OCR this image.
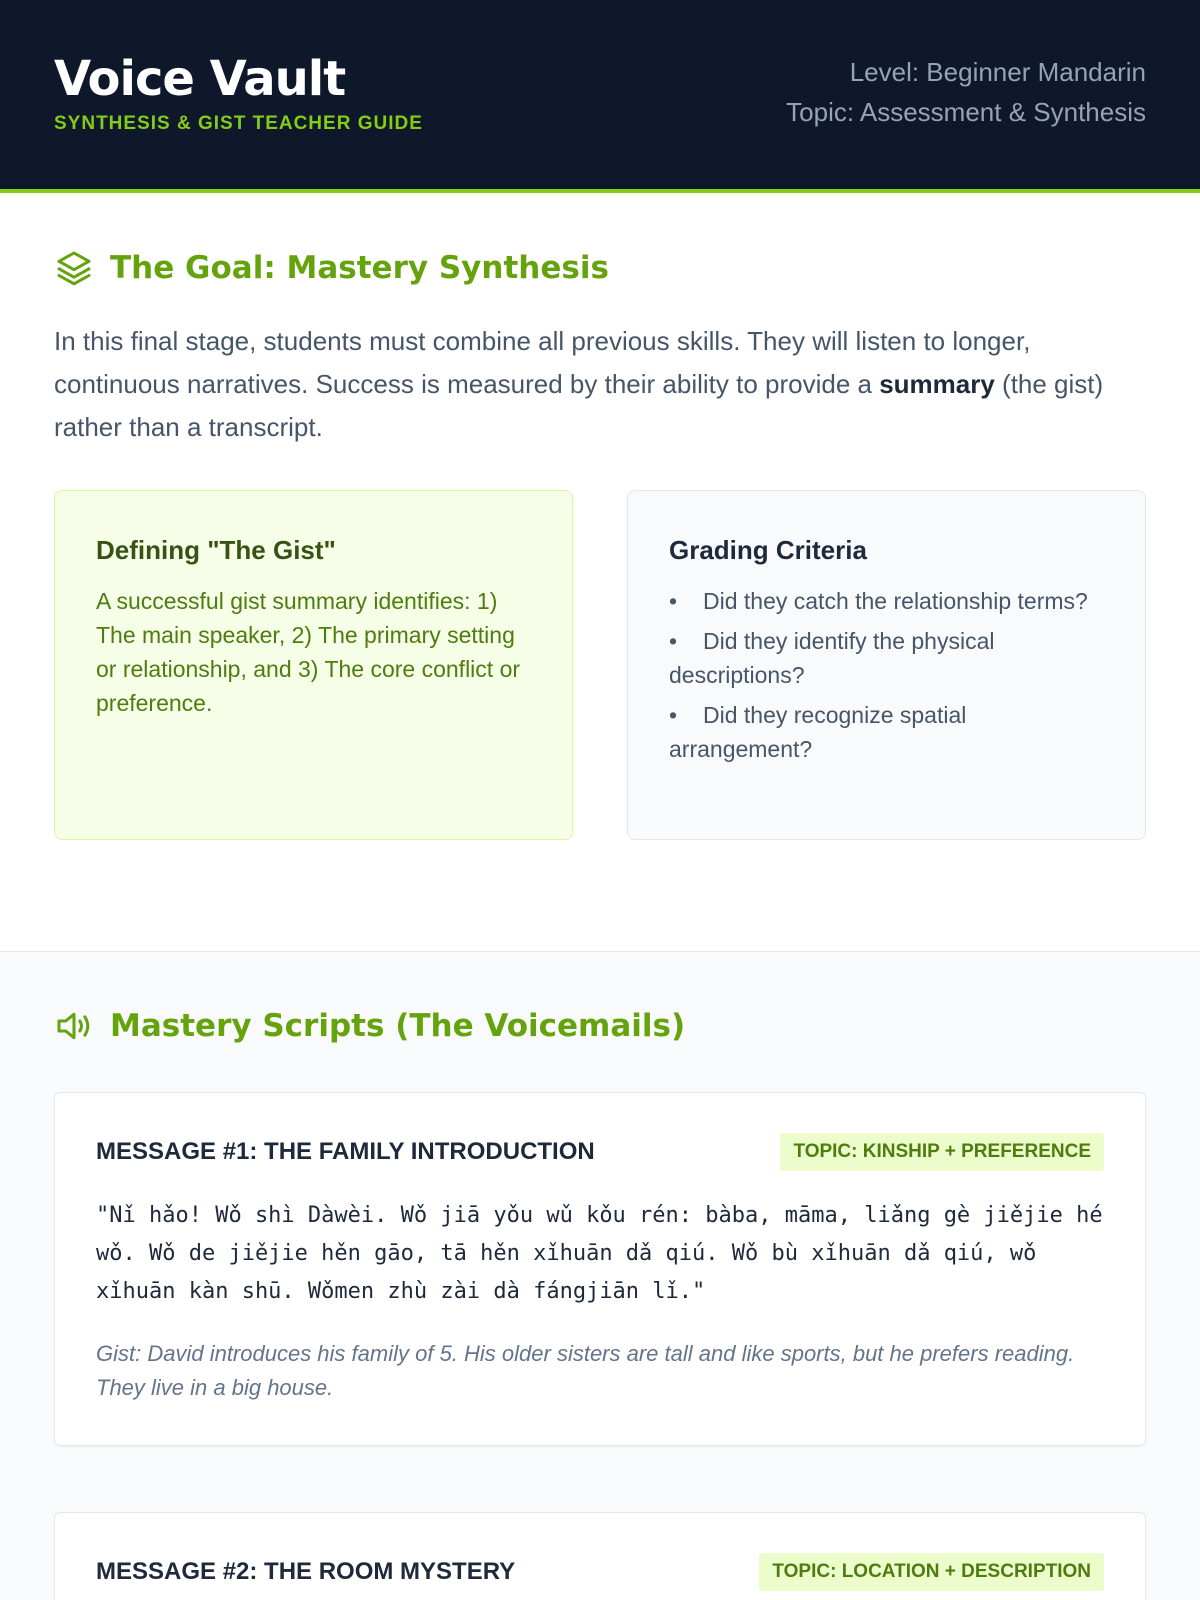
Voice Vault
SYNTHESIS & GIST TEACHER GUIDE
Level: Beginner Mandarin
Topic: Assessment & Synthesis
The Goal: Mastery Synthesis

In this final stage, students must combine all previous skills. They will listen to longer, continuous narratives. Success is measured by their ability to provide a summary (the gist) rather than a transcript.

Defining "The Gist"

A successful gist summary identifies: 1) The main speaker, 2) The primary setting or relationship, and 3) The core conflict or preference.

Grading Criteria
• Did they catch the relationship terms?
• Did they identify the physical descriptions?
• Did they recognize spatial arrangement?
Mastery Scripts (The Voicemails)
MESSAGE #1: THE FAMILY INTRODUCTION	TOPIC: KINSHIP + PREFERENCE

"Nǐ hǎo! Wǒ shì Dàwèi. Wǒ jiā yǒu wǔ kǒu rén: bàba, māma, liǎng gè jiějie hé wǒ. Wǒ de jiějie hěn gāo, tā hěn xǐhuān dǎ qiú. Wǒ bù xǐhuān dǎ qiú, wǒ xǐhuān kàn shū. Wǒmen zhù zài dà fángjiān lǐ."

Gist: David introduces his family of 5. His older sisters are tall and like sports, but he prefers reading. They live in a big house.

MESSAGE #2: THE ROOM MYSTERY	TOPIC: LOCATION + DESCRIPTION
